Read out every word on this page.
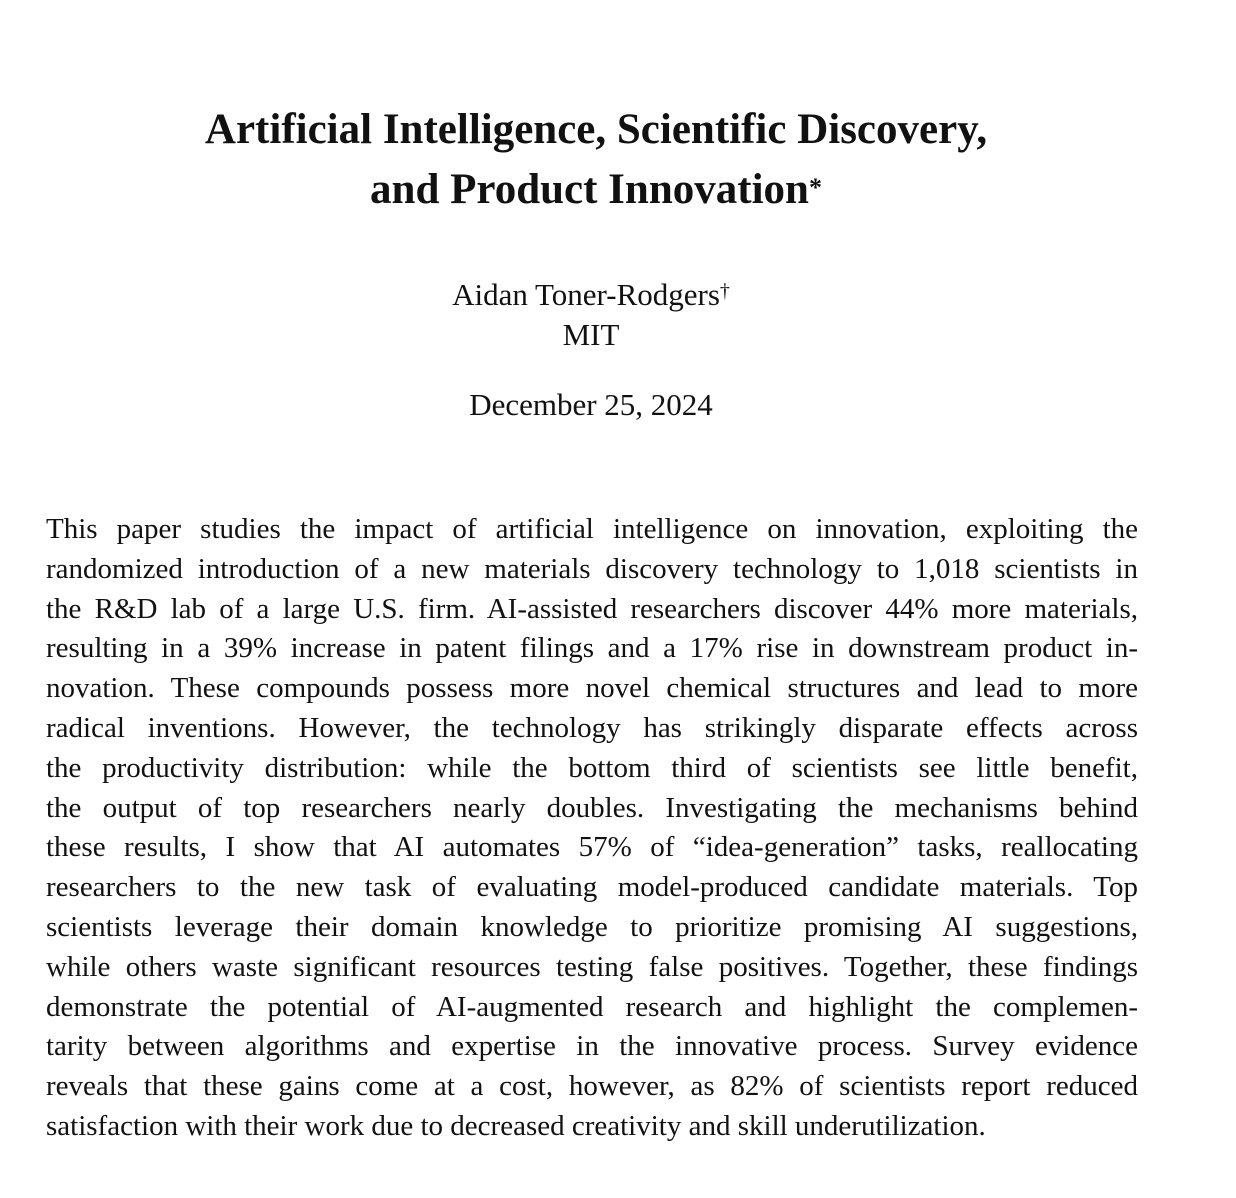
Artificial Intelligence, Scientific Discovery,
and Product Innovation*
Aidan Toner-Rodgers†
MIT
December 25, 2024
This paper studies the impact of artificial intelligence on innovation, exploiting the
randomized introduction of a new materials discovery technology to 1,018 scientists in
the R&D lab of a large U.S. firm. AI-assisted researchers discover 44% more materials,
resulting in a 39% increase in patent filings and a 17% rise in downstream product in-
novation. These compounds possess more novel chemical structures and lead to more
radical inventions. However, the technology has strikingly disparate effects across
the productivity distribution: while the bottom third of scientists see little benefit,
the output of top researchers nearly doubles. Investigating the mechanisms behind
these results, I show that AI automates 57% of “idea-generation” tasks, reallocating
researchers to the new task of evaluating model-produced candidate materials. Top
scientists leverage their domain knowledge to prioritize promising AI suggestions,
while others waste significant resources testing false positives. Together, these findings
demonstrate the potential of AI-augmented research and highlight the complemen-
tarity between algorithms and expertise in the innovative process. Survey evidence
reveals that these gains come at a cost, however, as 82% of scientists report reduced
satisfaction with their work due to decreased creativity and skill underutilization.
